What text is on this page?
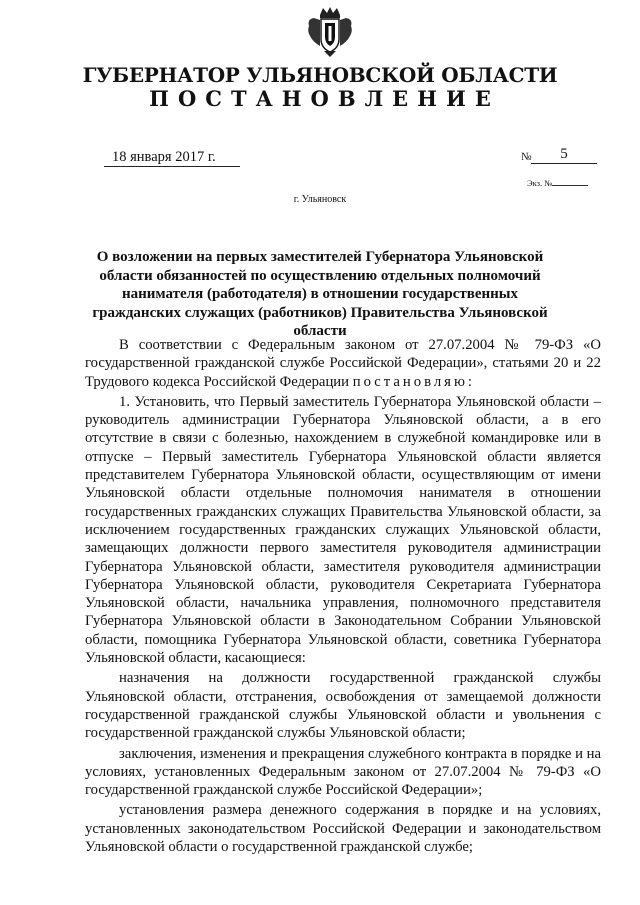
ГУБЕРНАТОР УЛЬЯНОВСКОЙ ОБЛАСТИ
ПОСТАНОВЛЕНИЕ
18 января 2017 г.	№	5
Экз. №
г. Ульяновск
О возложении на первых заместителей Губернатора Ульяновской области обязанностей по осуществлению отдельных полномочий нанимателя (работодателя) в отношении государственных гражданских служащих (работников) Правительства Ульяновской области

В соответствии с Федеральным законом от 27.07.2004 № 79-ФЗ «О государственной гражданской службе Российской Федерации», статьями 20 и 22 Трудового кодекса Российской Федерации постановляю:

1. Установить, что Первый заместитель Губернатора Ульяновской области – руководитель администрации Губернатора Ульяновской области, а в его отсутствие в связи с болезнью, нахождением в служебной командировке или в отпуске – Первый заместитель Губернатора Ульяновской области является представителем Губернатора Ульяновской области, осуществляющим от имени Ульяновской области отдельные полномочия нанимателя в отношении государственных гражданских служащих Правительства Ульяновской области, за исключением государственных гражданских служащих Ульяновской области, замещающих должности первого заместителя руководителя администрации Губернатора Ульяновской области, заместителя руководителя администрации Губернатора Ульяновской области, руководителя Секретариата Губернатора Ульяновской области, начальника управления, полномочного представителя Губернатора Ульяновской области в Законодательном Собрании Ульяновской области, помощника Губернатора Ульяновской области, советника Губернатора Ульяновской области, касающиеся:

назначения на должности государственной гражданской службы Ульяновской области, отстранения, освобождения от замещаемой должности государственной гражданской службы Ульяновской области и увольнения с государственной гражданской службы Ульяновской области;

заключения, изменения и прекращения служебного контракта в порядке и на условиях, установленных Федеральным законом от 27.07.2004 № 79-ФЗ «О государственной гражданской службе Российской Федерации»;

установления размера денежного содержания в порядке и на условиях, установленных законодательством Российской Федерации и законодательством Ульяновской области о государственной гражданской службе;
